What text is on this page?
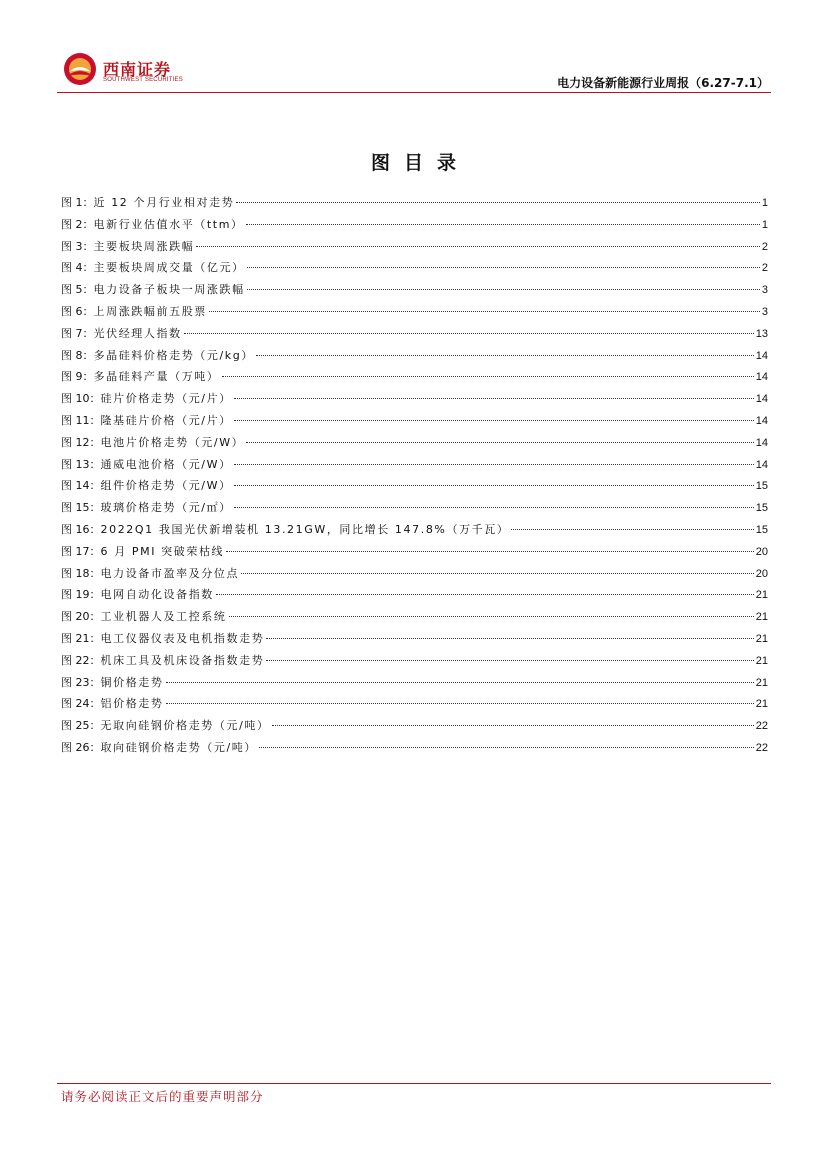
西南证券
SOUTHWEST SECURITIES	电力设备新能源行业周报（6.27-7.1）
图目录
图 1： 近 12 个月行业相对走势	1
图 2： 电新行业估值水平（ttm）	1
图 3： 主要板块周涨跌幅	2
图 4： 主要板块周成交量（亿元）	2
图 5： 电力设备子板块一周涨跌幅	3
图 6： 上周涨跌幅前五股票	3
图 7： 光伏经理人指数	13
图 8： 多晶硅料价格走势（元/kg）	14
图 9： 多晶硅料产量（万吨）	14
图 10： 硅片价格走势（元/片）	14
图 11： 隆基硅片价格（元/片）	14
图 12： 电池片价格走势（元/W）	14
图 13： 通威电池价格（元/W）	14
图 14： 组件价格走势（元/W）	15
图 15： 玻璃价格走势（元/㎡）	15
图 16： 2022Q1 我国光伏新增装机 13.21GW，同比增长 147.8%（万千瓦）	15
图 17： 6 月 PMI 突破荣枯线	20
图 18： 电力设备市盈率及分位点	20
图 19： 电网自动化设备指数	21
图 20： 工业机器人及工控系统	21
图 21： 电工仪器仪表及电机指数走势	21
图 22： 机床工具及机床设备指数走势	21
图 23： 铜价格走势	21
图 24： 铝价格走势	21
图 25： 无取向硅钢价格走势（元/吨）	22
图 26： 取向硅钢价格走势（元/吨）	22
请务必阅读正文后的重要声明部分
